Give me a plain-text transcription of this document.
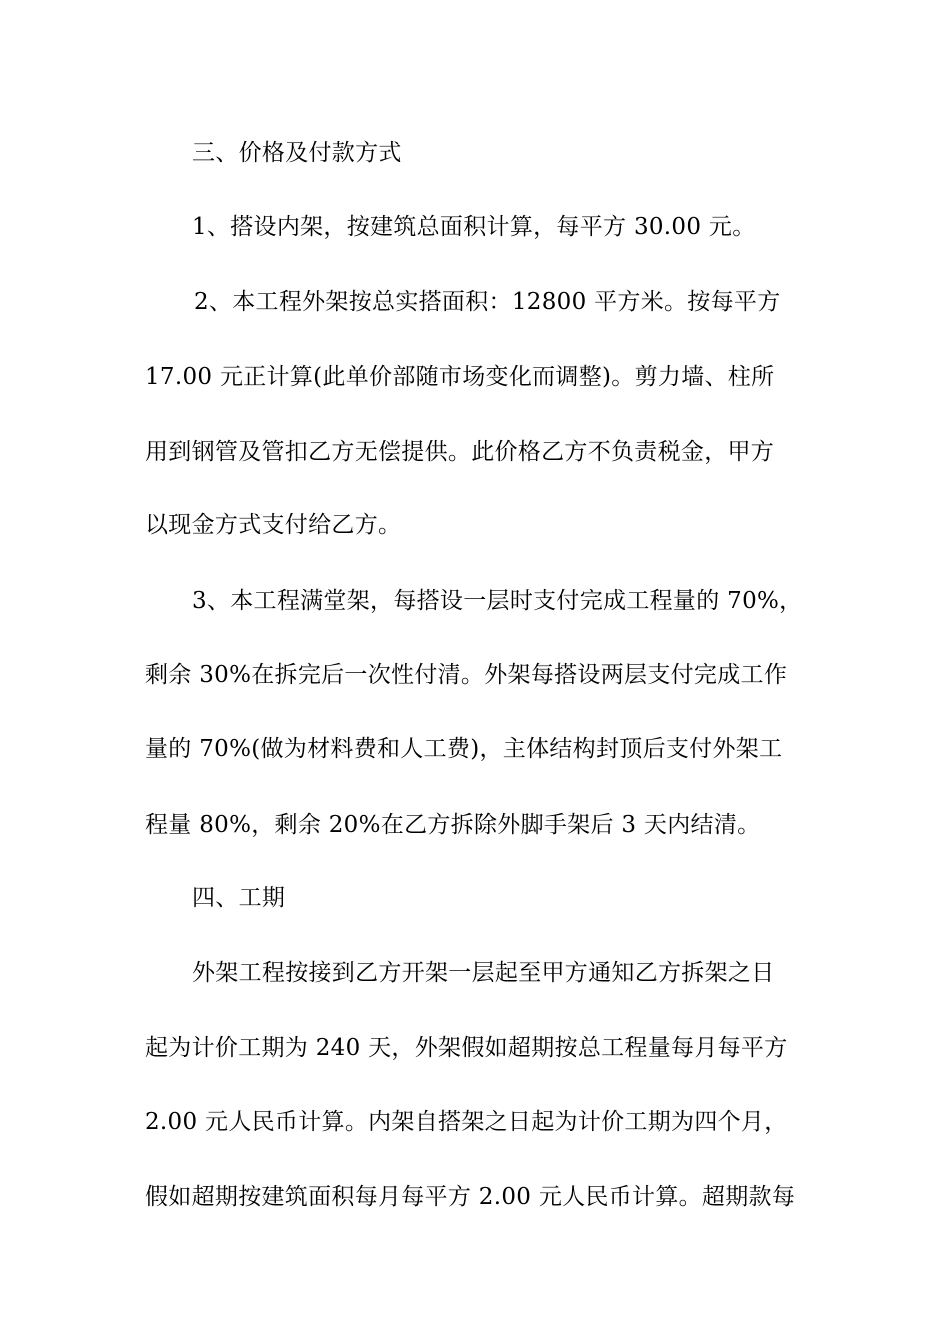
三、价格及付款方式
1、搭设内架，按建筑总面积计算，每平方 30.00 元。
2、本工程外架按总实搭面积：12800 平方米。按每平方
17.00 元正计算(此单价部随市场变化而调整)。剪力墙、柱所
用到钢管及管扣乙方无偿提供。此价格乙方不负责税金，甲方
以现金方式支付给乙方。
3、本工程满堂架，每搭设一层时支付完成工程量的 70%，
剩余 30%在拆完后一次性付清。外架每搭设两层支付完成工作
量的 70%(做为材料费和人工费)，主体结构封顶后支付外架工
程量 80%，剩余 20%在乙方拆除外脚手架后 3 天内结清。
四、工期
外架工程按接到乙方开架一层起至甲方通知乙方拆架之日
起为计价工期为 240 天，外架假如超期按总工程量每月每平方
2.00 元人民币计算。内架自搭架之日起为计价工期为四个月，
假如超期按建筑面积每月每平方 2.00 元人民币计算。超期款每
